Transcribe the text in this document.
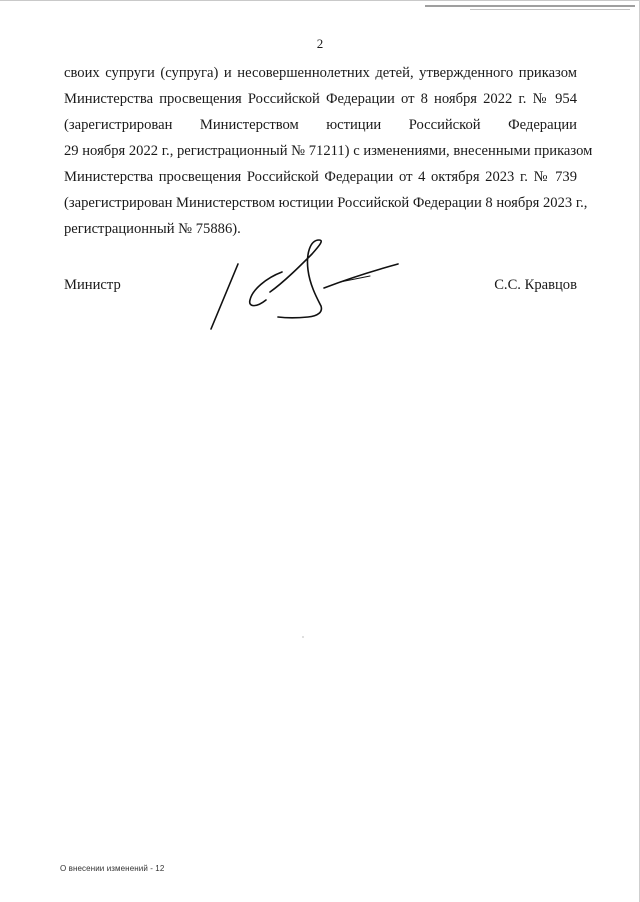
2
своих супруги (супруга) и несовершеннолетних детей, утвержденного приказом
Министерства просвещения Российской Федерации от 8 ноября 2022 г. № 954
(зарегистрирован Министерством юстиции Российской Федерации
29 ноября 2022 г., регистрационный № 71211) с изменениями, внесенными приказом
Министерства просвещения Российской Федерации от 4 октября 2023 г. № 739
(зарегистрирован Министерством юстиции Российской Федерации 8 ноября 2023 г.,
регистрационный № 75886).
Министр	С.С. Кравцов
О внесении изменений - 12
